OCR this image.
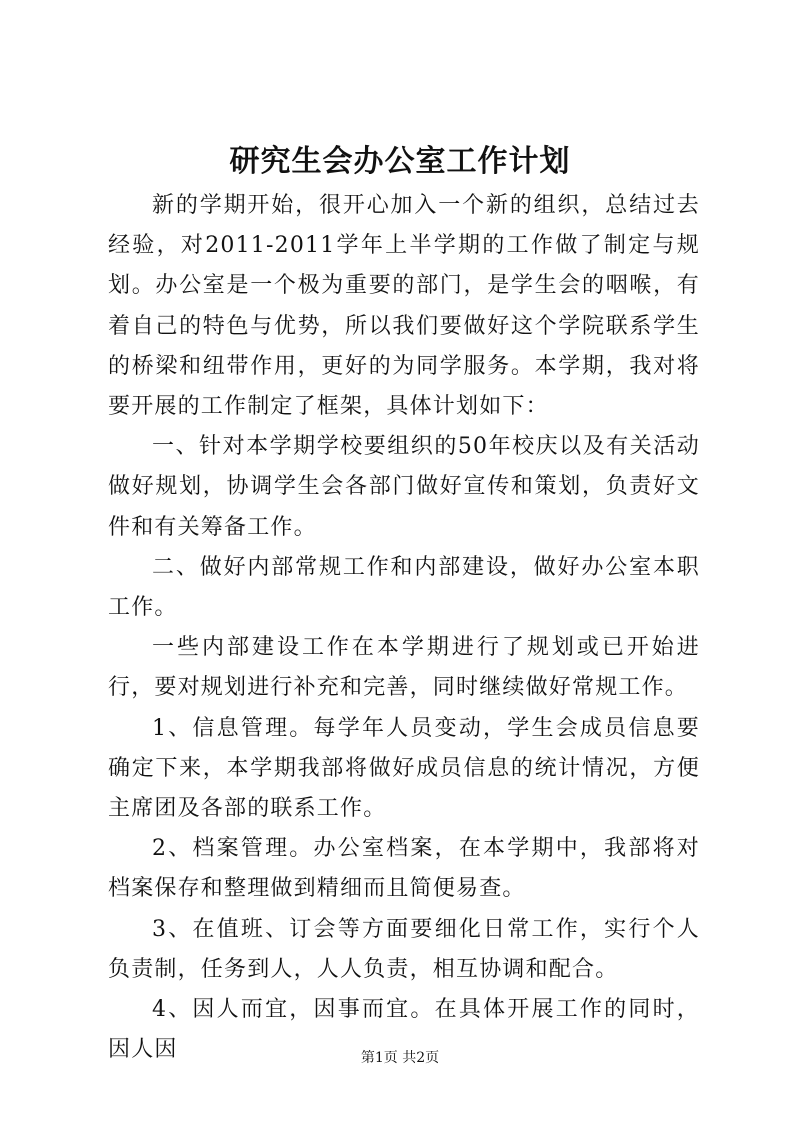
研究生会办公室工作计划

新的学期开始，很开心加入一个新的组织，总结过去经验，对2011-2011学年上半学期的工作做了制定与规划。办公室是一个极为重要的部门，是学生会的咽喉，有着自己的特色与优势，所以我们要做好这个学院联系学生的桥梁和纽带作用，更好的为同学服务。本学期，我对将要开展的工作制定了框架，具体计划如下：

一、针对本学期学校要组织的50年校庆以及有关活动做好规划，协调学生会各部门做好宣传和策划，负责好文件和有关筹备工作。

二、做好内部常规工作和内部建设，做好办公室本职工作。

一些内部建设工作在本学期进行了规划或已开始进行，要对规划进行补充和完善，同时继续做好常规工作。

1、信息管理。每学年人员变动，学生会成员信息要确定下来，本学期我部将做好成员信息的统计情况，方便主席团及各部的联系工作。

2、档案管理。办公室档案，在本学期中，我部将对档案保存和整理做到精细而且简便易查。

3、在值班、订会等方面要细化日常工作，实行个人负责制，任务到人，人人负责，相互协调和配合。

4、因人而宜，因事而宜。在具体开展工作的同时，因人因	第1页 共2页
